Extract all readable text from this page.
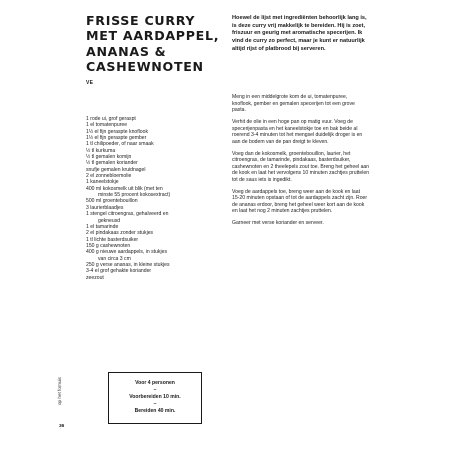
FRISSE CURRY
MET AARDAPPEL,
ANANAS &
CASHEWNOTEN
VE
Hoewel de lijst met ingrediënten behoorlijk lang is,
is deze curry vrij makkelijk te bereiden. Hij is zoet,
friszuur en geurig met aromatische specerijen. Ik
vind de curry zo perfect, maar je kunt er natuurlijk
altijd rijst of platbrood bij serveren.
1 rode ui, grof geraspt
1 el tomatenpuree
1½ el fijn geraspte knoflook
1½ el fijn geraspte gember
1 tl chilipoeder, of naar smaak
½ tl kurkuma
½ tl gemalen komijn
½ tl gemalen koriander
snufje gemalen kruidnagel
2 el zonnebloemolie
1 kaneelstokje
400 ml kokosmelk uit blik (met ten
minste 55 procent kokosextract)
500 ml groentebouillon
3 laurierblaadjes
1 stengel citroengras, gehalveerd en
gekneusd
1 el tamarinde
2 el pindakaas zonder stukjes
1 tl lichte basterdsuiker
150 g cashewnoten
400 g nieuwe aardappels, in stukjes
van circa 3 cm
250 g verse ananas, in kleine stukjes
3-4 el grof gehakte koriander
zeezout

Meng in een middelgrote kom de ui, tomatenpuree,
knoflook, gember en gemalen specerijen tot een grove
pasta.

Verhit de olie in een hoge pan op matig vuur. Voeg de
specerijenpasta en het kaneelstokje toe en bak beide al
roerend 3-4 minuten tot het mengsel duidelijk droger is en
aan de bodem van de pan dreigt te kleven.

Voeg dan de kokosmelk, groentebouillon, laurier, het
citroengras, de tamarinde, pindakaas, basterdsuiker,
cashewnoten en 2 theelepels zout toe. Breng het geheel aan
de kook en laat het vervolgens 10 minuten zachtjes pruttelen
tot de saus iets is ingedikt.

Voeg de aardappels toe, breng weer aan de kook en laat
15-20 minuten opstaan of tot de aardappels zacht zijn. Roer
de ananas erdoor, breng het geheel weer kort aan de kook
en laat het nog 2 minuten zachtjes pruttelen.

Garneer met verse koriander en serveer.

Voor 4 personen
–
Voorbereiden 10 min.
–
Bereiden 40 min.
op het fornuis
36
